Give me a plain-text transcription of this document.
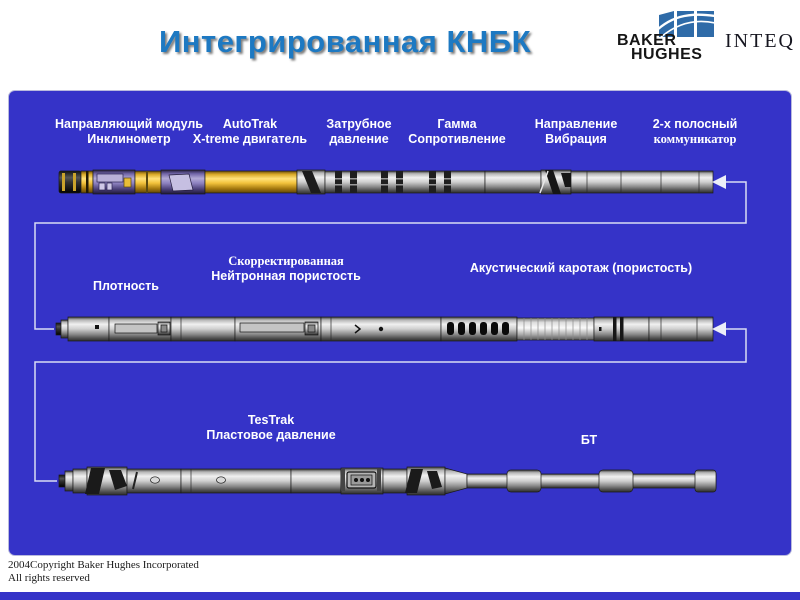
Интегрированная КНБК	BAKER
HUGHES
INTEQ
Направляющий модуль
Инклинометр
AutoTrak
X-treme двигатель
Затрубное
давление
Гамма
Сопротивление
Направление
Вибрация
2-х полосный
коммуникатор
Плотность
Скорректированная
Нейтронная пористость
Акустический каротаж (пористость)
TesTrak
Пластовое давление	БТ
2004Copyright Baker Hughes Incorporated
All rights reserved
